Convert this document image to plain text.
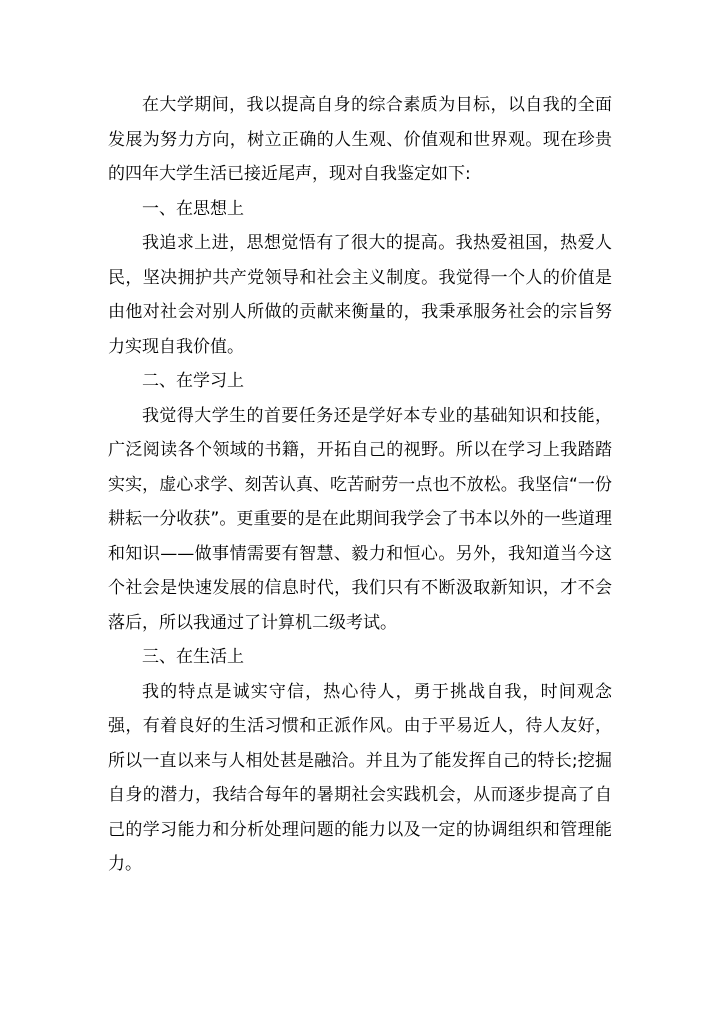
在大学期间，我以提高自身的综合素质为目标，以自我的全面发展为努力方向，树立正确的人生观、价值观和世界观。现在珍贵的四年大学生活已接近尾声，现对自我鉴定如下:

一、在思想上

我追求上进，思想觉悟有了很大的提高。我热爱祖国，热爱人民，坚决拥护共产党领导和社会主义制度。我觉得一个人的价值是由他对社会对别人所做的贡献来衡量的，我秉承服务社会的宗旨努力实现自我价值。

二、在学习上

我觉得大学生的首要任务还是学好本专业的基础知识和技能，广泛阅读各个领域的书籍，开拓自己的视野。所以在学习上我踏踏实实，虚心求学、刻苦认真、吃苦耐劳一点也不放松。我坚信“一份耕耘一分收获”。更重要的是在此期间我学会了书本以外的一些道理和知识——做事情需要有智慧、毅力和恒心。另外，我知道当今这个社会是快速发展的信息时代，我们只有不断汲取新知识，才不会落后，所以我通过了计算机二级考试。

三、在生活上

我的特点是诚实守信，热心待人，勇于挑战自我，时间观念强，有着良好的生活习惯和正派作风。由于平易近人，待人友好，所以一直以来与人相处甚是融洽。并且为了能发挥自己的特长;挖掘自身的潜力，我结合每年的暑期社会实践机会，从而逐步提高了自己的学习能力和分析处理问题的能力以及一定的协调组织和管理能力。
